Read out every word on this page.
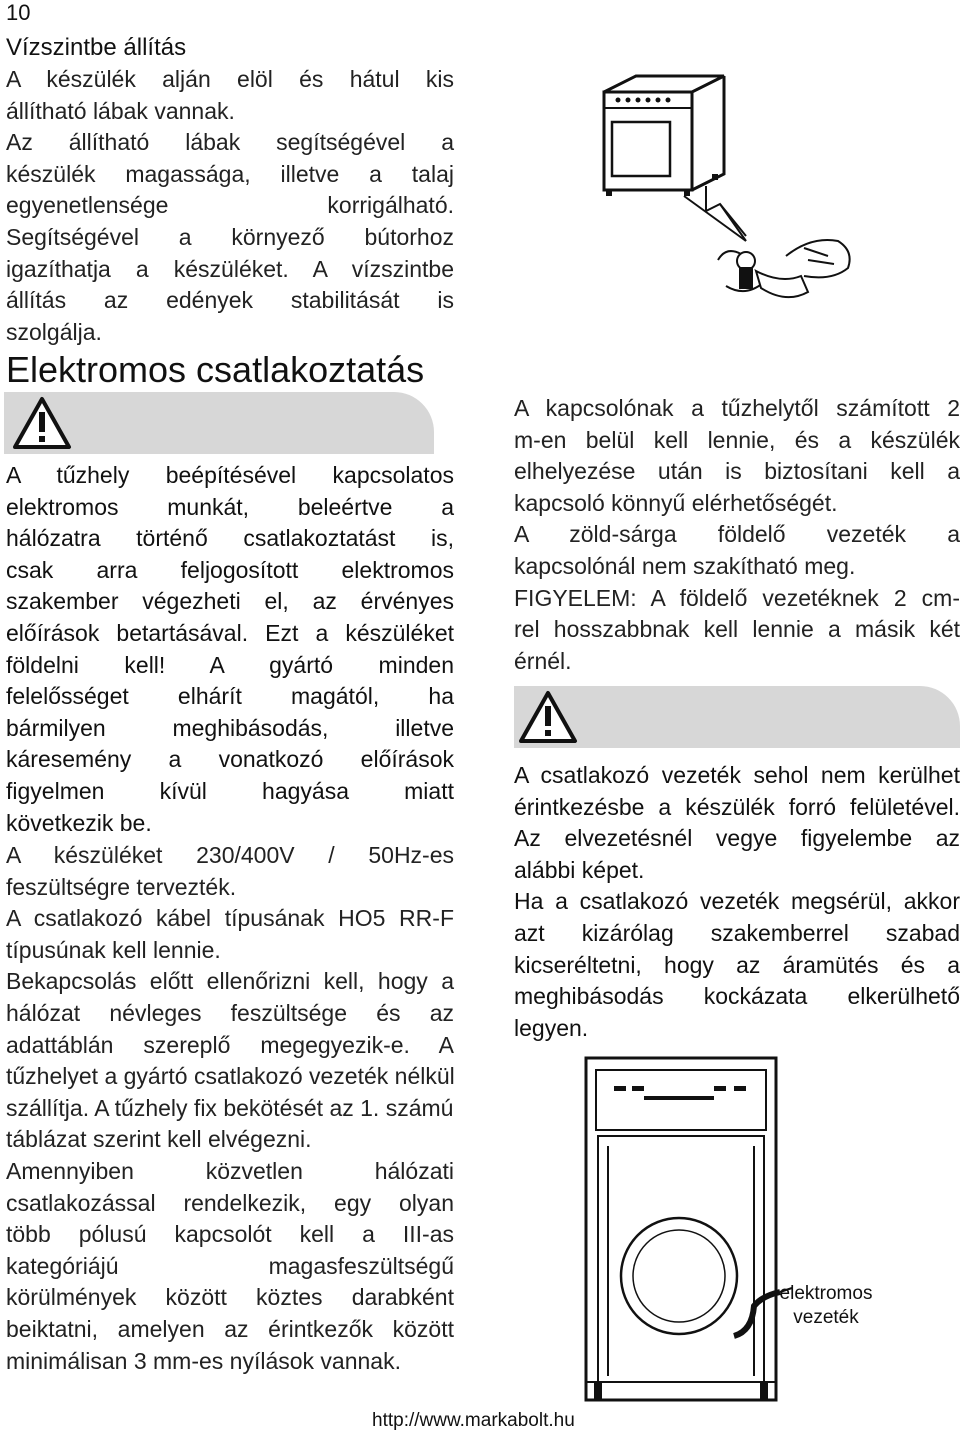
10
Vízszintbe állítás
A készülék alján elöl és hátul kis
állítható lábak vannak.
Az állítható lábak segítségével a
készülék magassága, illetve a talaj
egyenetlensége korrigálható.
Segítségével a környező bútorhoz
igazíthatja a készüléket. A vízszintbe
állítás az edények stabilitását is
szolgálja.
Elektromos csatlakoztatás
A tűzhely beépítésével kapcsolatos
elektromos munkát, beleértve a
hálózatra történő csatlakoztatást is,
csak arra feljogosított elektromos
szakember végezheti el, az érvényes
előírások betartásával. Ezt a készüléket
földelni kell! A gyártó minden
felelősséget elhárít magától, ha
bármilyen meghibásodás, illetve
káresemény a vonatkozó előírások
figyelmen kívül hagyása miatt
következik be.
A készüléket 230/400V / 50Hz-es
feszültségre tervezték.
A csatlakozó kábel típusának HO5 RR-F
típusúnak kell lennie.
Bekapcsolás előtt ellenőrizni kell, hogy a
hálózat névleges feszültsége és az
adattáblán szereplő megegyezik-e. A
tűzhelyet a gyártó csatlakozó vezeték nélkül
szállítja. A tűzhely fix bekötését az 1. számú
táblázat szerint kell elvégezni.
Amennyiben közvetlen hálózati
csatlakozással rendelkezik, egy olyan
több pólusú kapcsolót kell a III-as
kategóriájú magasfeszültségű
körülmények között köztes darabként
beiktatni, amelyen az érintkezők között
minimálisan 3 mm-es nyílások vannak.
A kapcsolónak a tűzhelytől számított 2
m-en belül kell lennie, és a készülék
elhelyezése után is biztosítani kell a
kapcsoló könnyű elérhetőségét.
A zöld-sárga földelő vezeték a
kapcsolónál nem szakítható meg.
FIGYELEM: A földelő vezetéknek 2 cm-
rel hosszabbnak kell lennie a másik két
érnél.
A csatlakozó vezeték sehol nem kerülhet
érintkezésbe a készülék forró felületével.
Az elvezetésnél vegye figyelembe az
alábbi képet.
Ha a csatlakozó vezeték megsérül, akkor
azt kizárólag szakemberrel szabad
kicseréltetni, hogy az áramütés és a
meghibásodás kockázata elkerülhető
legyen.
elektromos
vezeték
http://www.markabolt.hu
